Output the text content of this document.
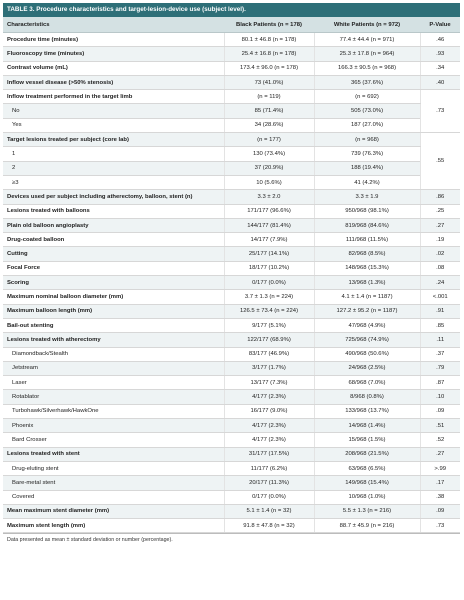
TABLE 3. Procedure characteristics and target-lesion-device use (subject level).
Characteristics	Black Patients (n = 178)	White Patients (n = 972)	P-Value
Procedure time (minutes)	80.1 ± 46.8 (n = 178)	77.4 ± 44.4 (n = 971)	.46
Fluoroscopy time (minutes)	25.4 ± 16.8 (n = 178)	25.3 ± 17.8 (n = 964)	.93
Contrast volume (mL)	173.4 ± 96.0 (n = 178)	166.3 ± 90.5 (n = 968)	.34
Inflow vessel disease (>50% stenosis)	73 (41.0%)	365 (37.6%)	.40
Inflow treatment performed in the target limb	(n = 119)	(n = 692)	.73
No	85 (71.4%)	505 (73.0%)	
Yes	34 (28.6%)	187 (27.0%)	
Target lesions treated per subject (core lab)	(n = 177)	(n = 968)	.55
1	130 (73.4%)	739 (76.3%)	
2	37 (20.9%)	188 (19.4%)	
≥3	10 (5.6%)	41 (4.2%)	
Devices used per subject including atherectomy, balloon, stent (n)	3.3 ± 2.0	3.3 ± 1.9	.86
Lesions treated with balloons	171/177 (96.6%)	950/968 (98.1%)	.25
Plain old balloon angioplasty	144/177 (81.4%)	819/968 (84.6%)	.27
Drug-coated balloon	14/177 (7.9%)	111/968 (11.5%)	.19
Cutting	25/177 (14.1%)	82/968 (8.5%)	.02
Focal Force	18/177 (10.2%)	148/968 (15.3%)	.08
Scoring	0/177 (0.0%)	13/968 (1.3%)	.24
Maximum nominal balloon diameter (mm)	3.7 ± 1.3 (n = 224)	4.1 ± 1.4 (n = 1187)	<.001
Maximum balloon length (mm)	126.5 ± 73.4 (n = 224)	127.2 ± 95.2 (n = 1187)	.91
Bail-out stenting	9/177 (5.1%)	47/968 (4.9%)	.85
Lesions treated with atherectomy	122/177 (68.9%)	725/968 (74.9%)	.11
Diamondback/Stealth	83/177 (46.9%)	490/968 (50.6%)	.37
Jetstream	3/177 (1.7%)	24/968 (2.5%)	.79
Laser	13/177 (7.3%)	68/968 (7.0%)	.87
Rotablator	4/177 (2.3%)	8/968 (0.8%)	.10
Turbohawk/Silverhawk/HawkOne	16/177 (9.0%)	133/968 (13.7%)	.09
Phoenix	4/177 (2.3%)	14/968 (1.4%)	.51
Bard Crosser	4/177 (2.3%)	15/968 (1.5%)	.52
Lesions treated with stent	31/177 (17.5%)	208/968 (21.5%)	.27
Drug-eluting stent	11/177 (6.2%)	63/968 (6.5%)	>.99
Bare-metal stent	20/177 (11.3%)	149/968 (15.4%)	.17
Covered	0/177 (0.0%)	10/968 (1.0%)	.38
Mean maximum stent diameter (mm)	5.1 ± 1.4 (n = 32)	5.5 ± 1.3 (n = 216)	.09
Maximum stent length (mm)	91.8 ± 47.8 (n = 32)	88.7 ± 45.9 (n = 216)	.73
Data presented as mean ± standard deviation or number (percentage).
